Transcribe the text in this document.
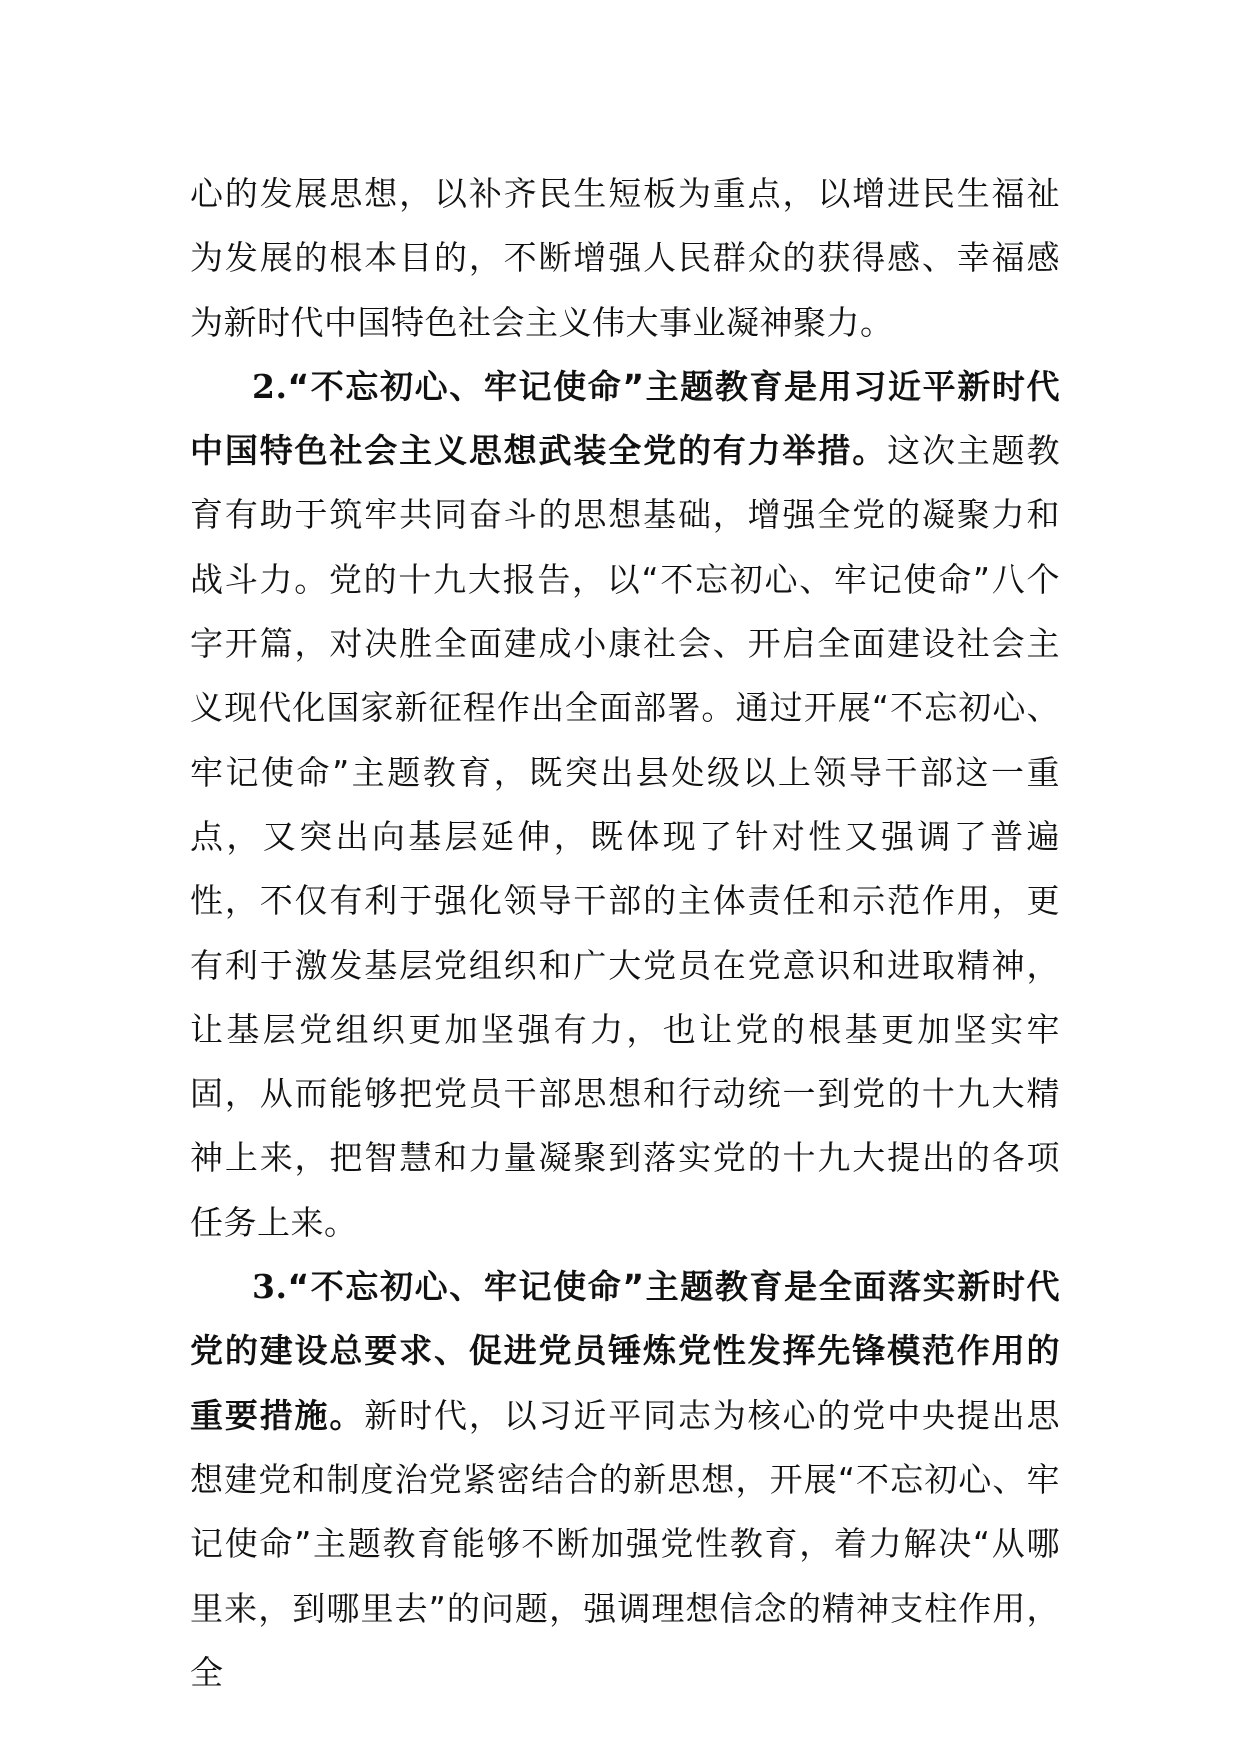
心的发展思想，以补齐民生短板为重点，以增进民生福祉为发展的根本目的，不断增强人民群众的获得感、幸福感为新时代中国特色社会主义伟大事业凝神聚力。

2.“不忘初心、牢记使命”主题教育是用习近平新时代中国特色社会主义思想武装全党的有力举措。这次主题教育有助于筑牢共同奋斗的思想基础，增强全党的凝聚力和战斗力。党的十九大报告，以“不忘初心、牢记使命”八个字开篇，对决胜全面建成小康社会、开启全面建设社会主义现代化国家新征程作出全面部署。通过开展“不忘初心、牢记使命”主题教育，既突出县处级以上领导干部这一重点，又突出向基层延伸，既体现了针对性又强调了普遍性，不仅有利于强化领导干部的主体责任和示范作用，更有利于激发基层党组织和广大党员在党意识和进取精神，让基层党组织更加坚强有力，也让党的根基更加坚实牢固，从而能够把党员干部思想和行动统一到党的十九大精神上来，把智慧和力量凝聚到落实党的十九大提出的各项任务上来。

3.“不忘初心、牢记使命”主题教育是全面落实新时代党的建设总要求、促进党员锤炼党性发挥先锋模范作用的重要措施。新时代，以习近平同志为核心的党中央提出思想建党和制度治党紧密结合的新思想，开展“不忘初心、牢记使命”主题教育能够不断加强党性教育，着力解决“从哪里来，到哪里去”的问题，强调理想信念的精神支柱作用，全
